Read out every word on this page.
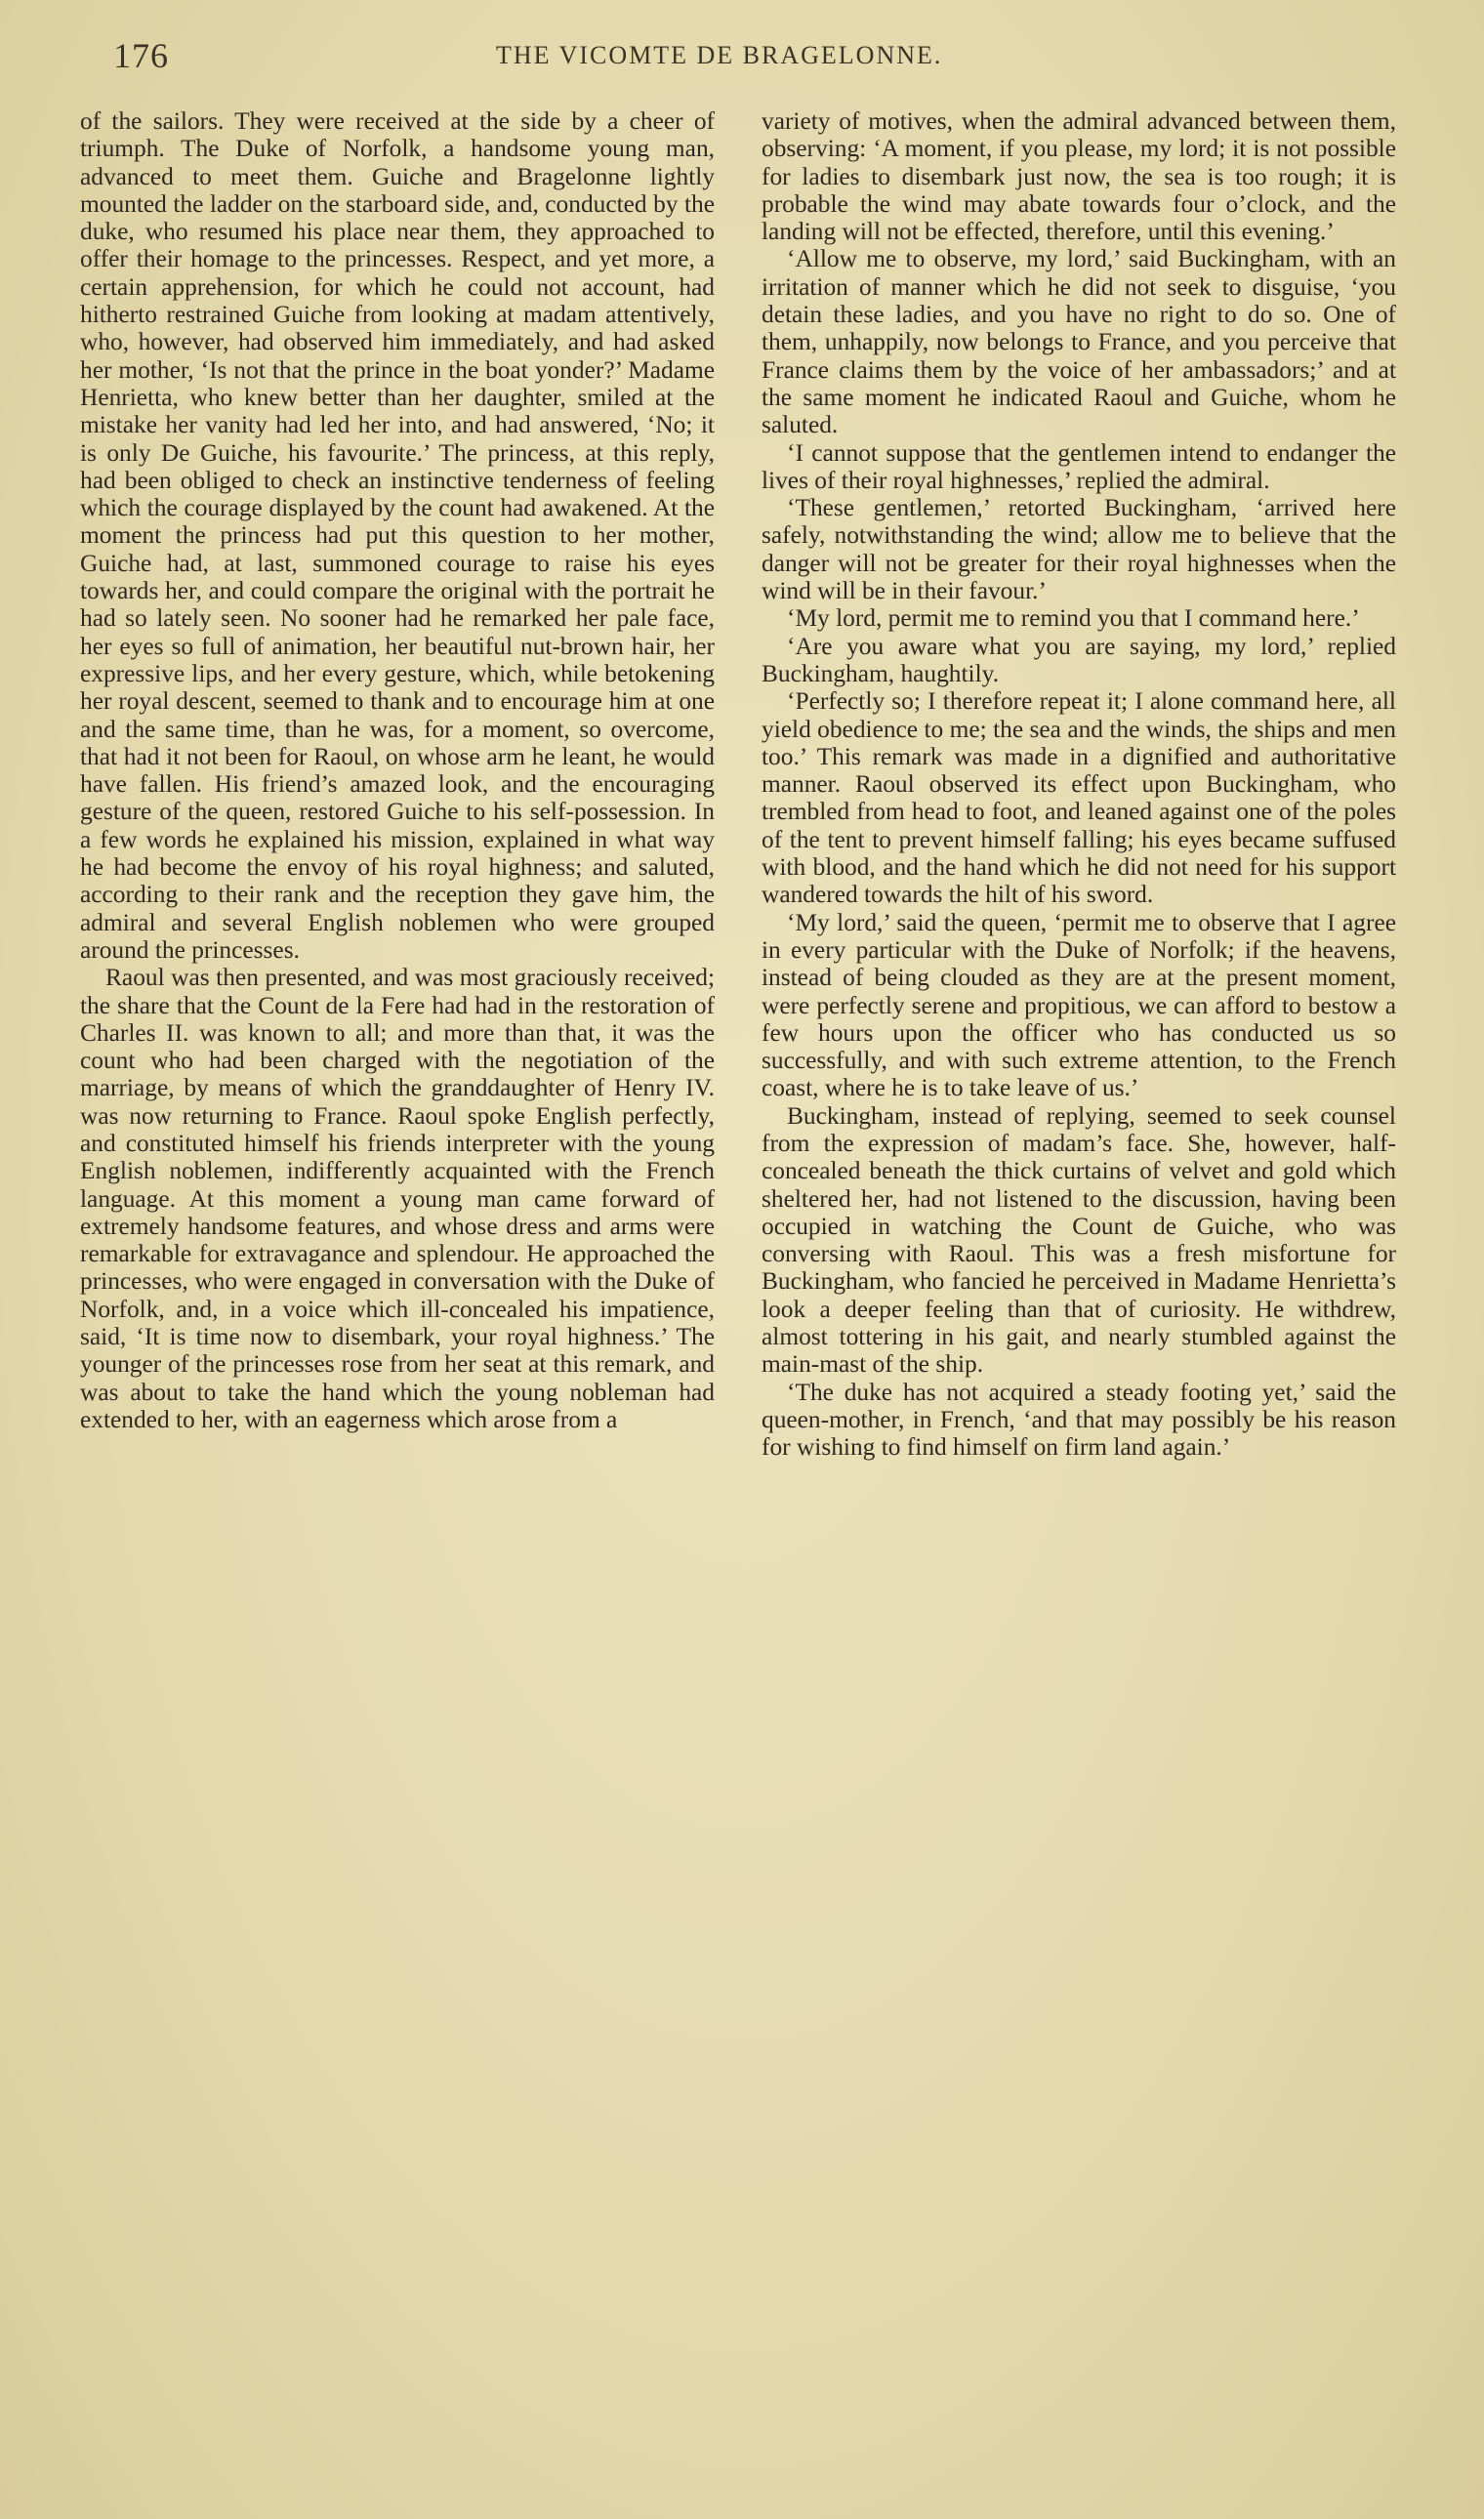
176	THE VICOMTE DE BRAGELONNE.

of the sailors. They were received at the side by a cheer of triumph. The Duke of Norfolk, a handsome young man, advanced to meet them. Guiche and Bragelonne lightly mounted the ladder on the starboard side, and, conducted by the duke, who resumed his place near them, they approached to offer their homage to the princesses. Respect, and yet more, a certain apprehension, for which he could not account, had hitherto restrained Guiche from looking at madam attentively, who, however, had observed him immediately, and had asked her mother, ‘Is not that the prince in the boat yonder?’ Madame Henrietta, who knew better than her daughter, smiled at the mistake her vanity had led her into, and had answered, ‘No; it is only De Guiche, his favourite.’ The princess, at this reply, had been obliged to check an instinctive tenderness of feeling which the courage displayed by the count had awakened. At the moment the princess had put this question to her mother, Guiche had, at last, summoned courage to raise his eyes towards her, and could compare the original with the portrait he had so lately seen. No sooner had he remarked her pale face, her eyes so full of animation, her beautiful nut-brown hair, her expressive lips, and her every gesture, which, while betokening her royal descent, seemed to thank and to encourage him at one and the same time, than he was, for a moment, so overcome, that had it not been for Raoul, on whose arm he leant, he would have fallen. His friend’s amazed look, and the encouraging gesture of the queen, restored Guiche to his self-possession. In a few words he explained his mission, explained in what way he had become the envoy of his royal highness; and saluted, according to their rank and the reception they gave him, the admiral and several English noblemen who were grouped around the princesses.

Raoul was then presented, and was most graciously received; the share that the Count de la Fere had had in the restoration of Charles II. was known to all; and more than that, it was the count who had been charged with the negotiation of the marriage, by means of which the granddaughter of Henry IV. was now returning to France. Raoul spoke English perfectly, and constituted himself his friends interpreter with the young English noblemen, indifferently acquainted with the French language. At this moment a young man came forward of extremely handsome features, and whose dress and arms were remarkable for extravagance and splendour. He approached the princesses, who were engaged in conversation with the Duke of Norfolk, and, in a voice which ill-concealed his impatience, said, ‘It is time now to disembark, your royal highness.’ The younger of the princesses rose from her seat at this remark, and was about to take the hand which the young nobleman had extended to her, with an eagerness which arose from a

variety of motives, when the admiral advanced between them, observing: ‘A moment, if you please, my lord; it is not possible for ladies to disembark just now, the sea is too rough; it is probable the wind may abate towards four o’clock, and the landing will not be effected, therefore, until this evening.’

‘Allow me to observe, my lord,’ said Buckingham, with an irritation of manner which he did not seek to disguise, ‘you detain these ladies, and you have no right to do so. One of them, unhappily, now belongs to France, and you perceive that France claims them by the voice of her ambassadors;’ and at the same moment he indicated Raoul and Guiche, whom he saluted.

‘I cannot suppose that the gentlemen intend to endanger the lives of their royal highnesses,’ replied the admiral.

‘These gentlemen,’ retorted Buckingham, ‘arrived here safely, notwithstanding the wind; allow me to believe that the danger will not be greater for their royal highnesses when the wind will be in their favour.’

‘My lord, permit me to remind you that I command here.’

‘Are you aware what you are saying, my lord,’ replied Buckingham, haughtily.

‘Perfectly so; I therefore repeat it; I alone command here, all yield obedience to me; the sea and the winds, the ships and men too.’ This remark was made in a dignified and authoritative manner. Raoul observed its effect upon Buckingham, who trembled from head to foot, and leaned against one of the poles of the tent to prevent himself falling; his eyes became suffused with blood, and the hand which he did not need for his support wandered towards the hilt of his sword.

‘My lord,’ said the queen, ‘permit me to observe that I agree in every particular with the Duke of Norfolk; if the heavens, instead of being clouded as they are at the present moment, were perfectly serene and propitious, we can afford to bestow a few hours upon the officer who has conducted us so successfully, and with such extreme attention, to the French coast, where he is to take leave of us.’

Buckingham, instead of replying, seemed to seek counsel from the expression of madam’s face. She, however, half-concealed beneath the thick curtains of velvet and gold which sheltered her, had not listened to the discussion, having been occupied in watching the Count de Guiche, who was conversing with Raoul. This was a fresh misfortune for Buckingham, who fancied he perceived in Madame Henrietta’s look a deeper feeling than that of curiosity. He withdrew, almost tottering in his gait, and nearly stumbled against the main-mast of the ship.

‘The duke has not acquired a steady footing yet,’ said the queen-mother, in French, ‘and that may possibly be his reason for wishing to find himself on firm land again.’
